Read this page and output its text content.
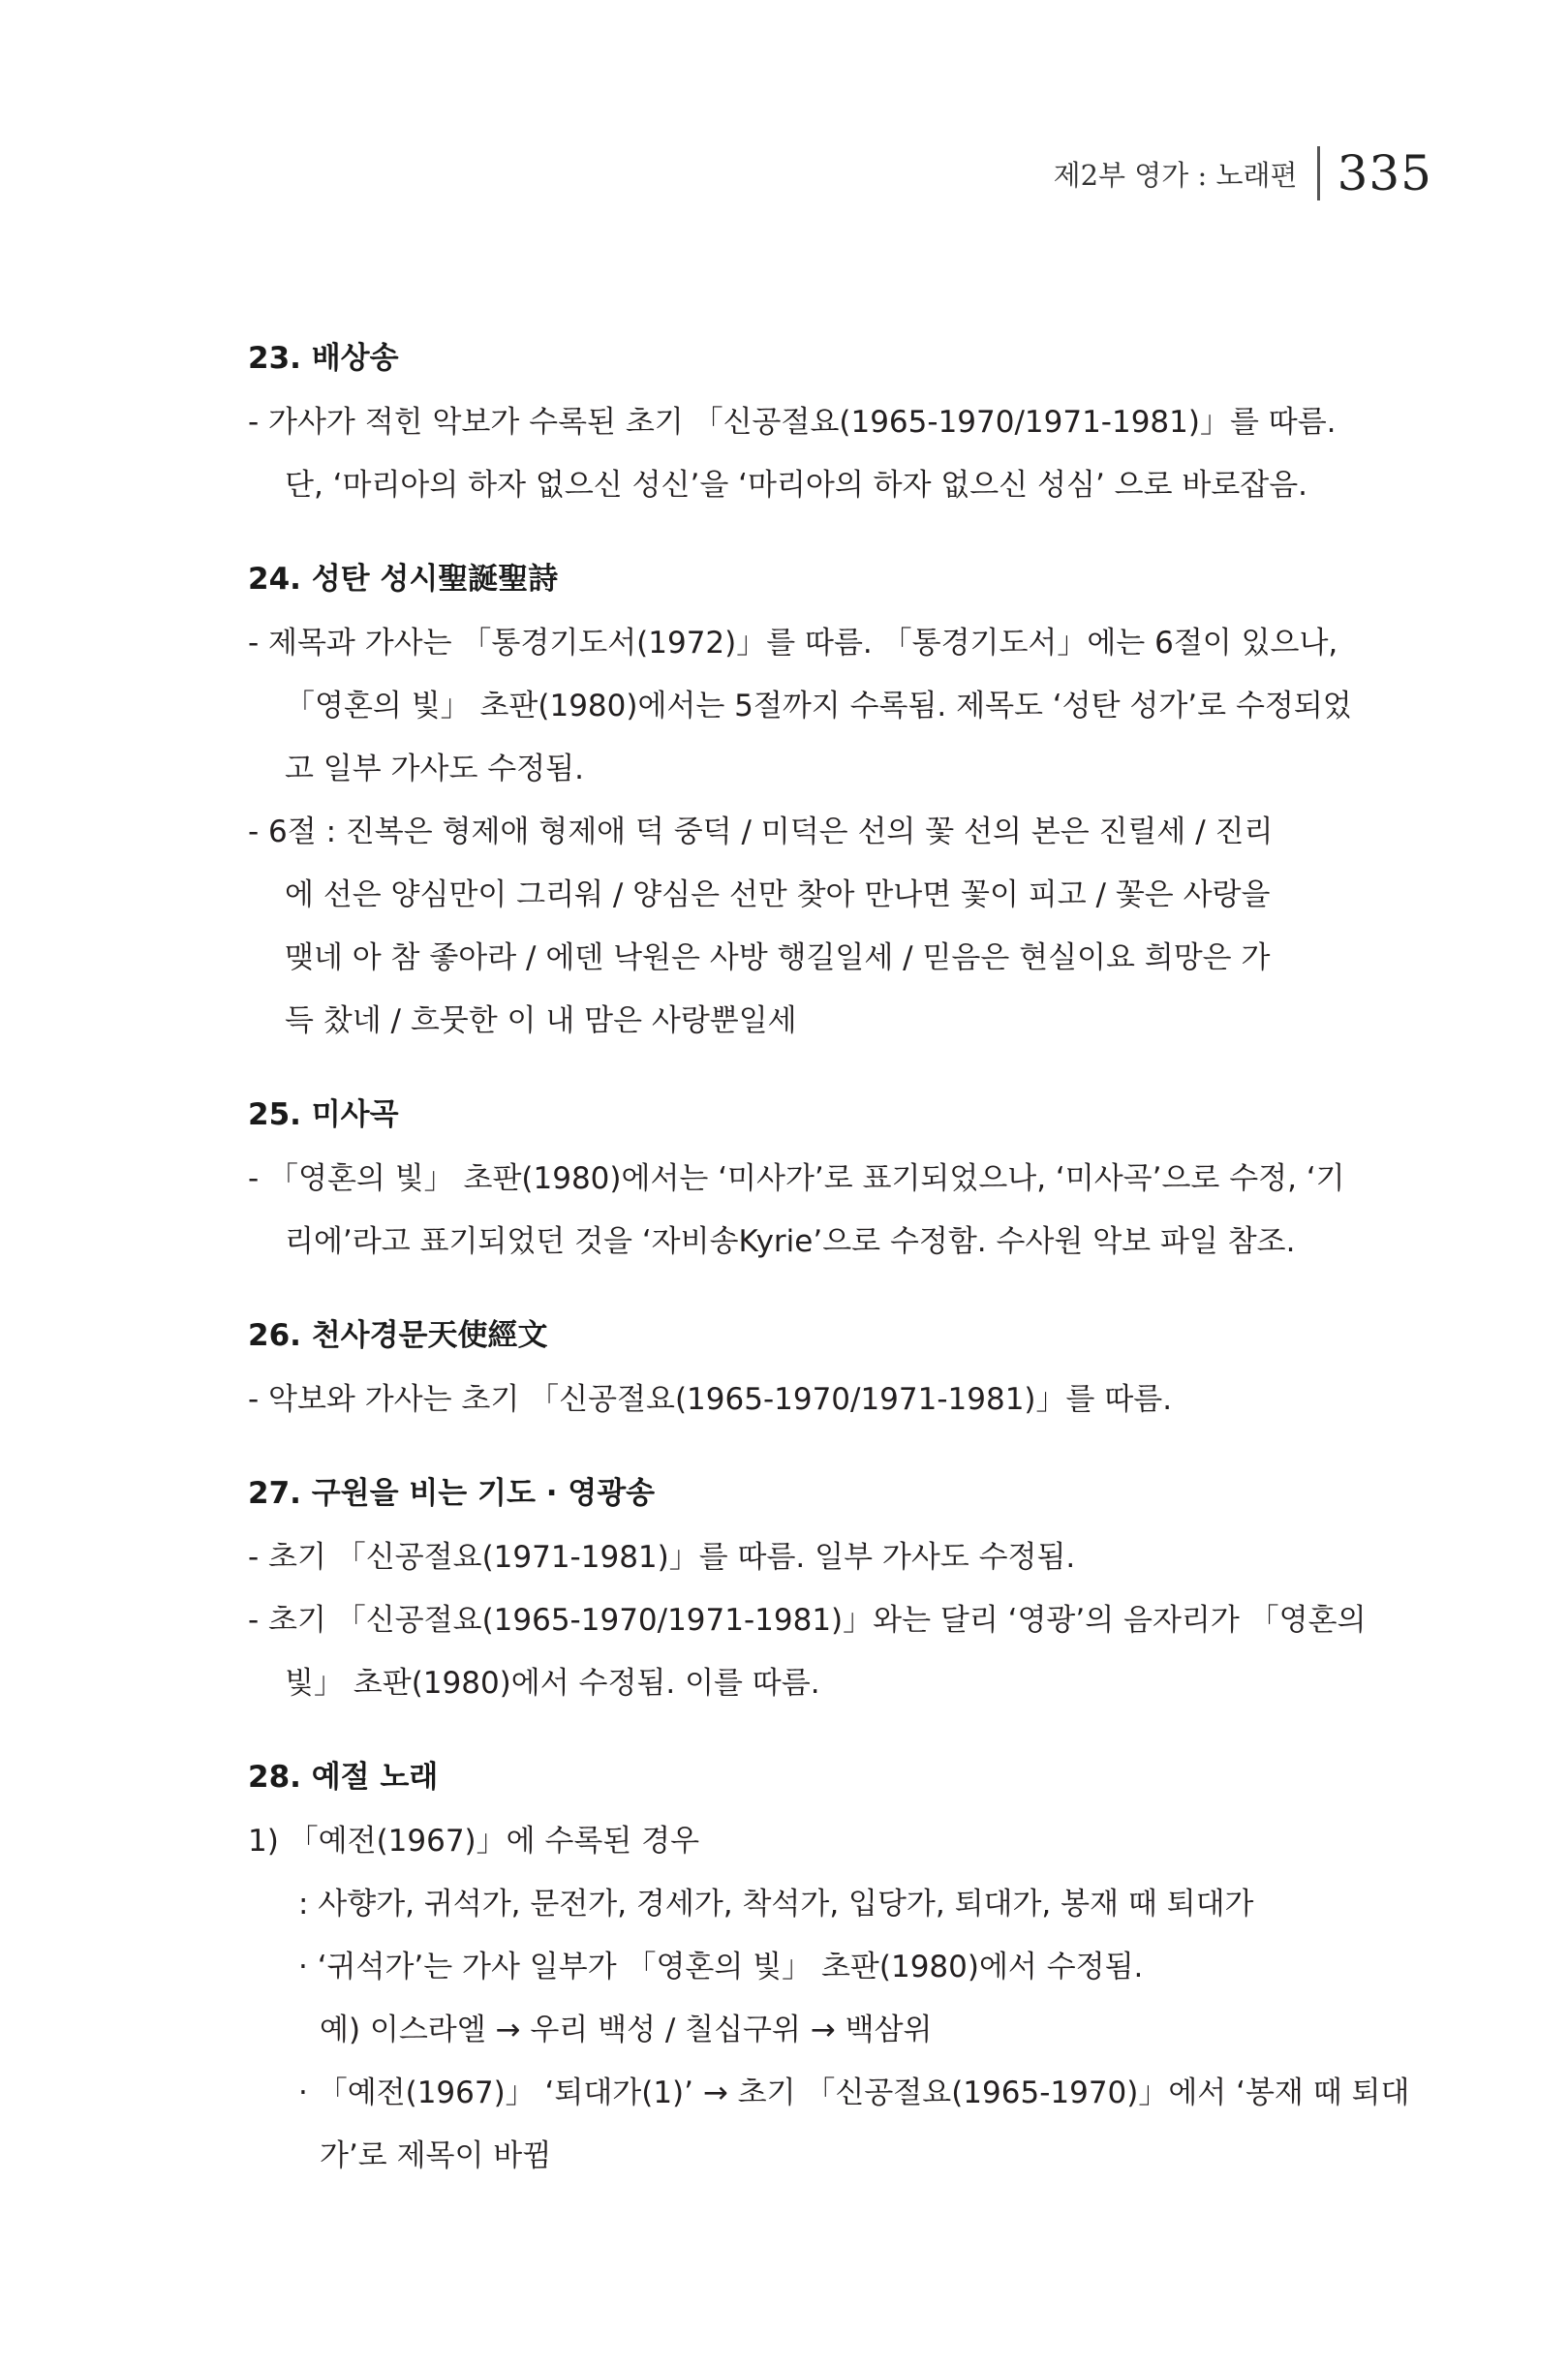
제2부 영가 : 노래편 335
23. 배상송
- 가사가 적힌 악보가 수록된 초기 「신공절요(1965-1970/1971-1981)」를 따름.
단, ‘마리아의 하자 없으신 성신’을 ‘마리아의 하자 없으신 성심’ 으로 바로잡음.
24. 성탄 성시聖誕聖詩
- 제목과 가사는 「통경기도서(1972)」를 따름. 「통경기도서」에는 6절이 있으나,
「영혼의 빛」 초판(1980)에서는 5절까지 수록됨. 제목도 ‘성탄 성가’로 수정되었
고 일부 가사도 수정됨.
- 6절 : 진복은 형제애 형제애 덕 중덕 / 미덕은 선의 꽃 선의 본은 진릴세 / 진리
에 선은 양심만이 그리워 / 양심은 선만 찾아 만나면 꽃이 피고 / 꽃은 사랑을
맺네 아 참 좋아라 / 에덴 낙원은 사방 행길일세 / 믿음은 현실이요 희망은 가
득 찼네 / 흐뭇한 이 내 맘은 사랑뿐일세
25. 미사곡
- 「영혼의 빛」 초판(1980)에서는 ‘미사가’로 표기되었으나, ‘미사곡’으로 수정, ‘기
리에’라고 표기되었던 것을 ‘자비송Kyrie’으로 수정함. 수사원 악보 파일 참조.
26. 천사경문天使經文
- 악보와 가사는 초기 「신공절요(1965-1970/1971-1981)」를 따름.
27. 구원을 비는 기도 · 영광송
- 초기 「신공절요(1971-1981)」를 따름. 일부 가사도 수정됨.
- 초기 「신공절요(1965-1970/1971-1981)」와는 달리 ‘영광’의 음자리가 「영혼의
빛」 초판(1980)에서 수정됨. 이를 따름.
28. 예절 노래
1) 「예전(1967)」에 수록된 경우
: 사향가, 귀석가, 문전가, 경세가, 착석가, 입당가, 퇴대가, 봉재 때 퇴대가
· ‘귀석가’는 가사 일부가 「영혼의 빛」 초판(1980)에서 수정됨.
예) 이스라엘 → 우리 백성 / 칠십구위 → 백삼위
· 「예전(1967)」 ‘퇴대가(1)’ → 초기 「신공절요(1965-1970)」에서 ‘봉재 때 퇴대
가’로 제목이 바뀜
